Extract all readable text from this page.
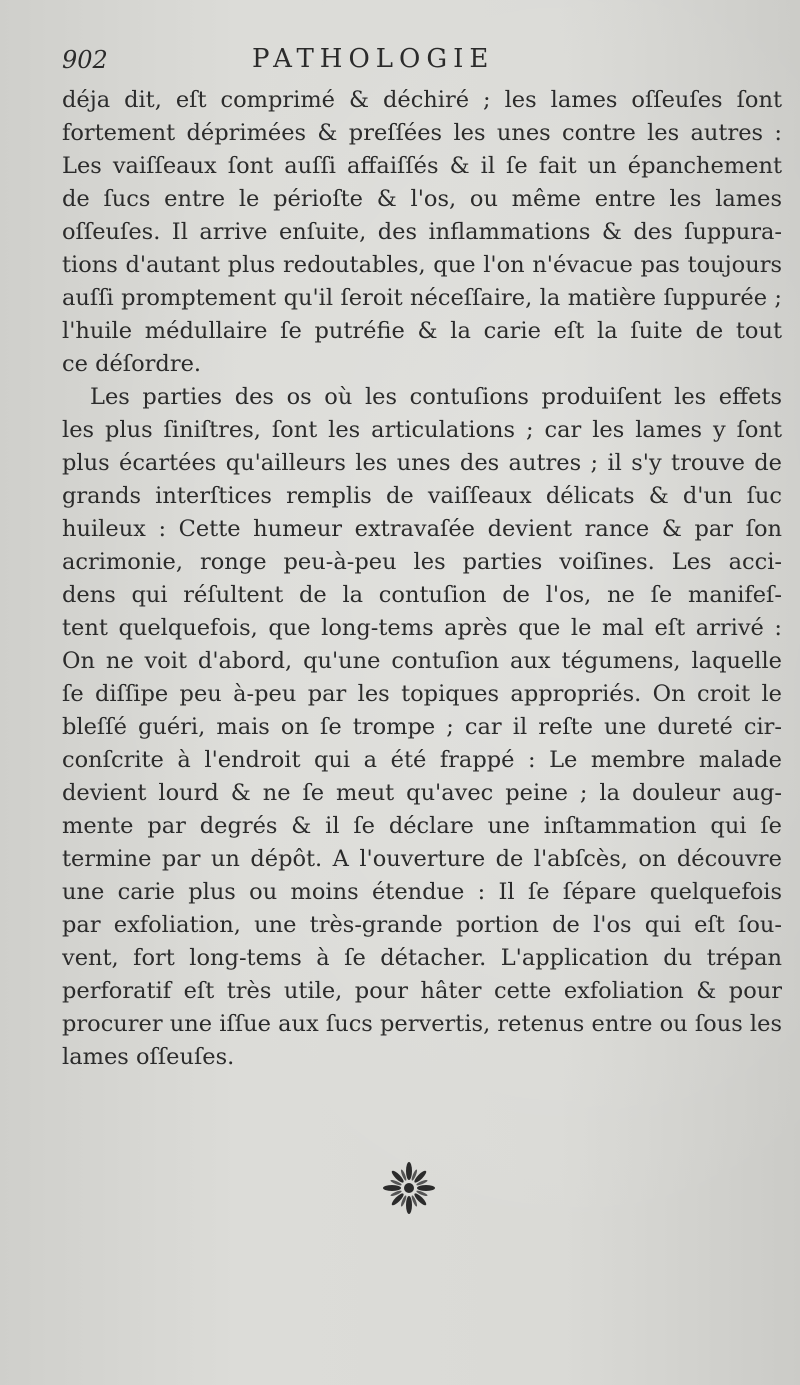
902	PATHOLOGIE
déja dit, eſt comprimé & déchiré ; les lames oſſeuſes ſont
fortement déprimées & preſſées les unes contre les autres :
Les vaiſſeaux ſont auſſi affaiſſés & il ſe fait un épanchement
de ſucs entre le périoſte & l'os, ou même entre les lames
oſſeuſes. Il arrive enſuite, des inflammations & des ſuppura-
tions d'autant plus redoutables, que l'on n'évacue pas toujours
auſſi promptement qu'il ſeroit néceſſaire, la matière ſuppurée ;
l'huile médullaire ſe putréfie & la carie eſt la ſuite de tout
ce déſordre.
Les parties des os où les contuſions produiſent les effets
les plus ſiniſtres, ſont les articulations ; car les lames y ſont
plus écartées qu'ailleurs les unes des autres ; il s'y trouve de
grands interſtices remplis de vaiſſeaux délicats & d'un ſuc
huileux : Cette humeur extravaſée devient rance & par ſon
acrimonie, ronge peu-à-peu les parties voiſines. Les acci-
dens qui réſultent de la contuſion de l'os, ne ſe manifeſ-
tent quelquefois, que long-tems après que le mal eſt arrivé :
On ne voit d'abord, qu'une contuſion aux tégumens, laquelle
ſe diſſipe peu à-peu par les topiques appropriés. On croit le
bleſſé guéri, mais on ſe trompe ; car il reſte une dureté cir-
conſcrite à l'endroit qui a été frappé : Le membre malade
devient lourd & ne ſe meut qu'avec peine ; la douleur aug-
mente par degrés & il ſe déclare une inſtammation qui ſe
termine par un dépôt. A l'ouverture de l'abſcès, on découvre
une carie plus ou moins étendue : Il ſe ſépare quelquefois
par exfoliation, une très-grande portion de l'os qui eſt ſou-
vent, fort long-tems à ſe détacher. L'application du trépan
perforatif eſt très utile, pour hâter cette exfoliation & pour
procurer une iſſue aux ſucs pervertis, retenus entre ou ſous les
lames oſſeuſes.
